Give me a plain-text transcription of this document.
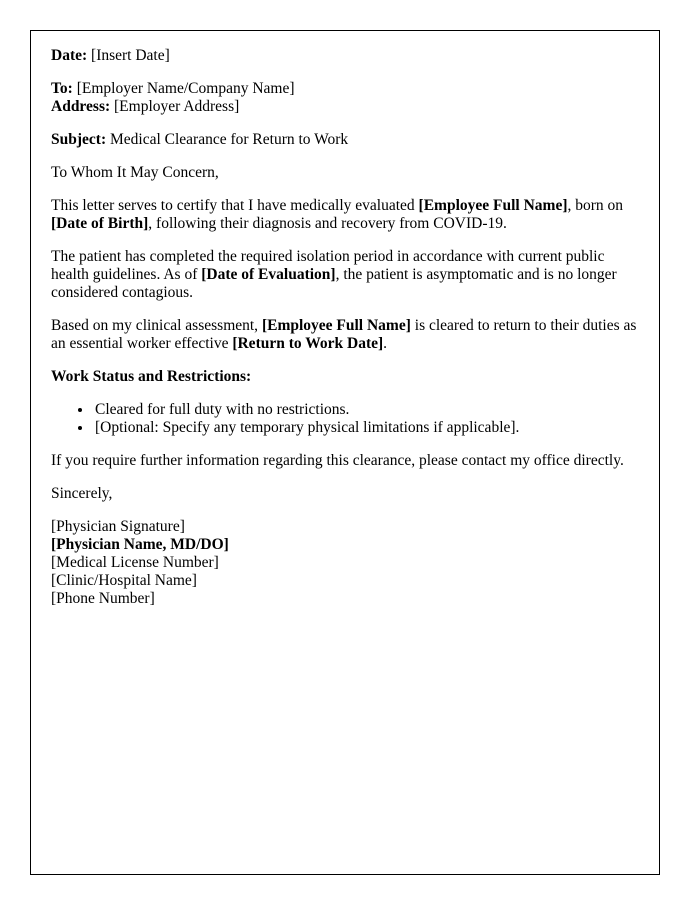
Date: [Insert Date]

To: [Employer Name/Company Name]
Address: [Employer Address]

Subject: Medical Clearance for Return to Work

To Whom It May Concern,

This letter serves to certify that I have medically evaluated [Employee Full Name], born on [Date of Birth], following their diagnosis and recovery from COVID-19.

The patient has completed the required isolation period in accordance with current public health guidelines. As of [Date of Evaluation], the patient is asymptomatic and is no longer considered contagious.

Based on my clinical assessment, [Employee Full Name] is cleared to return to their duties as an essential worker effective [Return to Work Date].

Work Status and Restrictions:

• Cleared for full duty with no restrictions.
• [Optional: Specify any temporary physical limitations if applicable].

If you require further information regarding this clearance, please contact my office directly.

Sincerely,

[Physician Signature]
[Physician Name, MD/DO]
[Medical License Number]
[Clinic/Hospital Name]
[Phone Number]
